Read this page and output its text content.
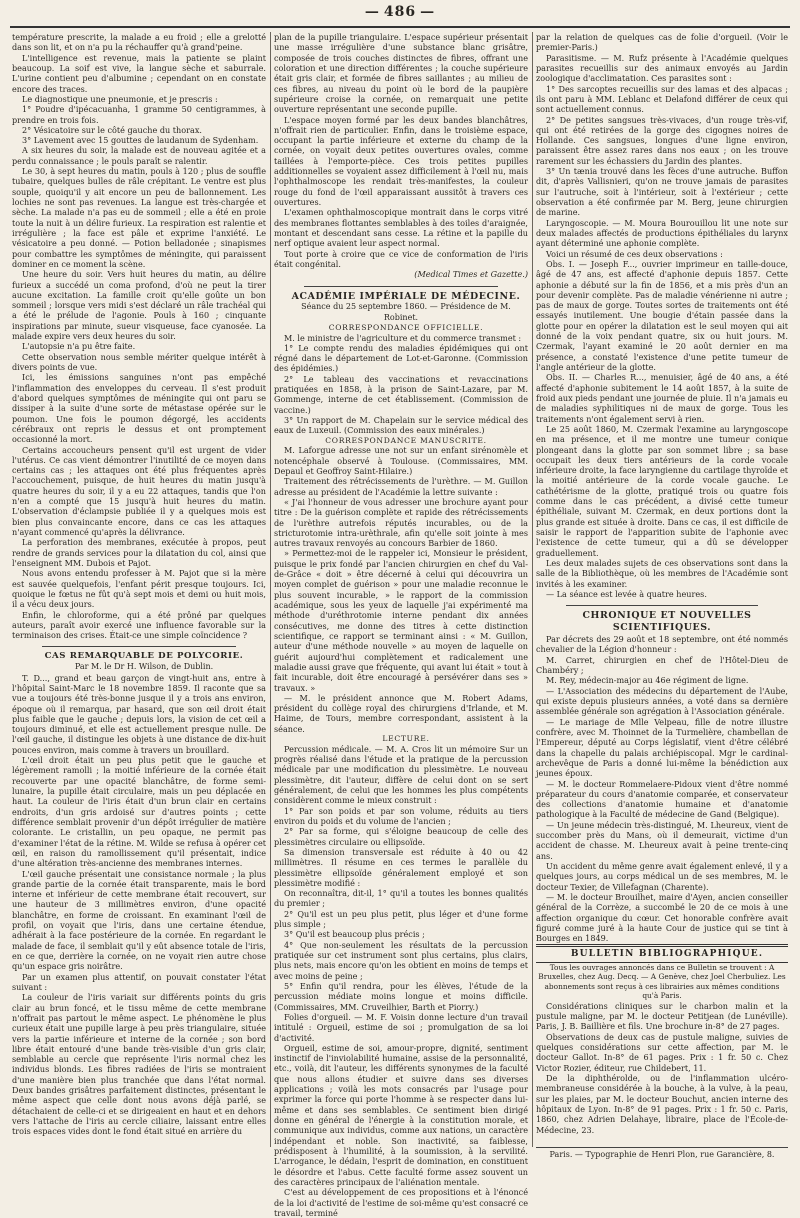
— 486 —

température prescrite, la malade a eu froid ; elle a grelotté dans son lit, et on n'a pu la réchauffer qu'à grand'peine.

L'intelligence est revenue, mais la patiente se plaint beaucoup. La soif est vive, la langue sèche et saburrale. L'urine contient peu d'albumine ; cependant on en constate encore des traces.

Le diagnostique une pneumonie, et je prescris :

1° Poudre d'ipécacuanha, 1 gramme 50 centigrammes, à prendre en trois fois.

2° Vésicatoire sur le côté gauche du thorax.

3° Lavement avec 15 gouttes de laudanum de Sydenham.

A six heures du soir, la malade est de nouveau agitée et a perdu connaissance ; le pouls paraît se ralentir.

Le 30, à sept heures du matin, pouls à 120 ; plus de souffle tubaire, quelques bulles de râle crépitant. Le ventre est plus souple, quoiqu'il y ait encore un peu de ballonnement. Les lochies ne sont pas revenues. La langue est très-chargée et sèche. La malade n'a pas eu de sommeil ; elle a été en proie toute la nuit à un délire furieux. La respiration est ralentie et irrégulière ; la face est pâle et exprime l'anxiété. Le vésicatoire a peu donné. — Potion belladonée ; sinapismes pour combattre les symptômes de méningite, qui paraissent dominer en ce moment la scène.

Une heure du soir. Vers huit heures du matin, au délire furieux a succédé un coma profond, d'où ne peut la tirer aucune excitation. La famille croit qu'elle goûte un bon sommeil ; lorsque vers midi s'est déclaré un râle trachéal qui a été le prélude de l'agonie. Pouls à 160 ; cinquante inspirations par minute, sueur visqueuse, face cyanosée. La malade expire vers deux heures du soir.

L'autopsie n'a pu être faite.

Cette observation nous semble mériter quelque intérêt à divers points de vue.

Ici, les émissions sanguines n'ont pas empêché l'inflammation des enveloppes du cerveau. Il s'est produit d'abord quelques symptômes de méningite qui ont paru se dissiper à la suite d'une sorte de métastase opérée sur le poumon. Une fois le poumon dégorgé, les accidents cérébraux ont repris le dessus et ont promptement occasionné la mort.

Certains accoucheurs pensent qu'il est urgent de vider l'utérus. Ce cas vient démontrer l'inutilité de ce moyen dans certains cas ; les attaques ont été plus fréquentes après l'accouchement, puisque, de huit heures du matin jusqu'à quatre heures du soir, il y a eu 22 attaques, tandis que l'on n'en a compté que 15 jusqu'à huit heures du matin. L'observation d'éclampsie publiée il y a quelques mois est bien plus convaincante encore, dans ce cas les attaques n'ayant commencé qu'après la délivrance.

La perforation des membranes, exécutée à propos, peut rendre de grands services pour la dilatation du col, ainsi que l'enseignent MM. Dubois et Pajot.

Nous avons entendu professer à M. Pajot que si la mère est sauvée quelquefois, l'enfant périt presque toujours. Ici, quoique le fœtus ne fût qu'à sept mois et demi ou huit mois, il a vécu deux jours.

Enfin, le chloroforme, qui a été prôné par quelques auteurs, paraît avoir exercé une influence favorable sur la terminaison des crises. Était-ce une simple coïncidence ?

CAS REMARQUABLE DE POLYCORIE.

Par M. le Dr H. Wilson, de Dublin.

T. D..., grand et beau garçon de vingt-huit ans, entre à l'hôpital Saint-Marc le 18 novembre 1859. Il raconte que sa vue a toujours été très-bonne jusque il y a trois ans environ, époque où il remarqua, par hasard, que son œil droit était plus faible que le gauche ; depuis lors, la vision de cet œil a toujours diminué, et elle est actuellement presque nulle. De l'œil gauche, il distingue les objets à une distance de dix-huit pouces environ, mais comme à travers un brouillard.

L'œil droit était un peu plus petit que le gauche et légèrement ramolli ; la moitié inférieure de la cornée était recouverte par une opacité blanchâtre, de forme semi-lunaire, la pupille était circulaire, mais un peu déplacée en haut. La couleur de l'iris était d'un brun clair en certains endroits, d'un gris ardoisé sur d'autres points ; cette différence semblait provenir d'un dépôt irrégulier de matière colorante. Le cristallin, un peu opaque, ne permit pas d'examiner l'état de la rétine. M. Wilde se refusa à opérer cet œil, en raison du ramollissement qu'il présentait, indice d'une altération très-ancienne des membranes internes.

L'œil gauche présentait une consistance normale ; la plus grande partie de la cornée était transparente, mais le bord interne et inférieur de cette membrane était recouvert, sur une hauteur de 3 millimètres environ, d'une opacité blanchâtre, en forme de croissant. En examinant l'œil de profil, on voyait que l'iris, dans une certaine étendue, adhérait à la face postérieure de la cornée. En regardant le malade de face, il semblait qu'il y eût absence totale de l'iris, en ce que, derrière la cornée, on ne voyait rien autre chose qu'un espace gris noirâtre.

Par un examen plus attentif, on pouvait constater l'état suivant :

La couleur de l'iris variait sur différents points du gris clair au brun foncé, et le tissu même de cette membrane n'offrait pas partout le même aspect. Le phénomène le plus curieux était une pupille large à peu près triangulaire, située vers la partie inférieure et interne de la cornée ; son bord libre était entouré d'une bande très-visible d'un gris clair, semblable au cercle que représente l'iris normal chez les individus blonds. Les fibres radiées de l'iris se montraient d'une manière bien plus tranchée que dans l'état normal. Deux bandes grisâtres parfaitement distinctes, présentant le même aspect que celle dont nous avons déjà parlé, se détachaient de celle-ci et se dirigeaient en haut et en dehors vers l'attache de l'iris au cercle ciliaire, laissant entre elles trois espaces vides dont le fond était situé en arrière du

plan de la pupille triangulaire. L'espace supérieur présentait une masse irrégulière d'une substance blanc grisâtre, composée de trois couches distinctes de fibres, offrant une coloration et une direction différentes ; la couche supérieure était gris clair, et formée de fibres saillantes ; au milieu de ces fibres, au niveau du point où le bord de la paupière supérieure croise la cornée, on remarquait une petite ouverture représentant une seconde pupille.

L'espace moyen formé par les deux bandes blanchâtres, n'offrait rien de particulier. Enfin, dans le troisième espace, occupant la partie inférieure et externe du champ de la cornée, on voyait deux petites ouvertures ovales, comme taillées à l'emporte-pièce. Ces trois petites pupilles additionnelles se voyaient assez difficilement à l'œil nu, mais l'ophthalmoscope les rendait très-manifestes, la couleur rouge du fond de l'œil apparaissant aussitôt à travers ces ouvertures.

L'examen ophthalmoscopique montrait dans le corps vitré des membranes flottantes semblables à des toiles d'araignée, montant et descendant sans cesse. La rétine et la papille du nerf optique avaient leur aspect normal.

Tout porte à croire que ce vice de conformation de l'iris était congénital.

(Medical Times et Gazette.)

ACADÉMIE IMPÉRIALE DE MÉDECINE.

Séance du 25 septembre 1860. — Présidence de M. Robinet.

CORRESPONDANCE OFFICIELLE.

M. le ministre de l'agriculture et du commerce transmet :

1° Le compte rendu des maladies épidémiques qui ont régné dans le département de Lot-et-Garonne. (Commission des épidémies.)

2° Le tableau des vaccinations et revaccinations pratiquées en 1858, à la prison de Saint-Lazare, par M. Gommenge, interne de cet établissement. (Commission de vaccine.)

3° Un rapport de M. Chapelain sur le service médical des eaux de Luxeuil. (Commission des eaux minérales.)

CORRESPONDANCE MANUSCRITE.

M. Laforgue adresse une not sur un enfant sirénomèle et notencéphale observé à Toulouse. (Commissaires, MM. Depaul et Geoffroy Saint-Hilaire.)

Traitement des rétrécissements de l'urèthre. — M. Guillon adresse au président de l'Académie la lettre suivante :

« J'ai l'honneur de vous adresser une brochure ayant pour titre : De la guérison complète et rapide des rétrécissements de l'urèthre autrefois réputés incurables, ou de la stricturotomie intra-urèthrale, afin qu'elle soit jointe à mes autres travaux renvoyés au concours Barbier de 1860.

» Permettez-moi de le rappeler ici, Monsieur le président, puisque le prix fondé par l'ancien chirurgien en chef du Val-de-Grâce « doit » être décerné à celui qui découvrira un moyen complet de guérison » pour une maladie reconnue le plus souvent incurable, » le rapport de la commission académique, sous les yeux de laquelle j'ai expérimenté ma méthode d'uréthrotomie interne pendant dix années consécutives, me donne des titres à cette distinction scientifique, ce rapport se terminant ainsi : « M. Guillon, auteur d'une méthode nouvelle » au moyen de laquelle on guérit aujourd'hui complètement et radicalement une maladie aussi grave que fréquente, qui avant lui était » tout à fait incurable, doit être encouragé à persévérer dans ses » travaux. »

— M. le président annonce que M. Robert Adams, président du collège royal des chirurgiens d'Irlande, et M. Haime, de Tours, membre correspondant, assistent à la séance.

LECTURE.

Percussion médicale. — M. A. Cros lit un mémoire Sur un progrès réalisé dans l'étude et la pratique de la percussion médicale par une modification du plessimètre. Le nouveau plessimètre, dit l'auteur, diffère de celui dont on se sert généralement, de celui que les hommes les plus compétents considèrent comme le mieux construit :

1° Par son poids et par son volume, réduits au tiers environ du poids et du volume de l'ancien ;

2° Par sa forme, qui s'éloigne beaucoup de celle des plessimètres circulaire ou ellipsoïde.

Sa dimension transversale est réduite à 40 ou 42 millimètres. Il résume en ces termes le parallèle du plessimètre ellipsoïde généralement employé et son plessimètre modifié :

On reconnaîtra, dit-il, 1° qu'il a toutes les bonnes qualités du premier ;

2° Qu'il est un peu plus petit, plus léger et d'une forme plus simple ;

3° Qu'il est beaucoup plus précis ;

4° Que non-seulement les résultats de la percussion pratiquée sur cet instrument sont plus certains, plus clairs, plus nets, mais encore qu'on les obtient en moins de temps et avec moins de peine ;

5° Enfin qu'il rendra, pour les élèves, l'étude de la percussion médiate moins longue et moins difficile. (Commissaires, MM. Cruveilhier, Barth et Piorry.)

Folies d'orgueil. — M. F. Voisin donne lecture d'un travail intitulé : Orgueil, estime de soi ; promulgation de sa loi d'activité.

Orgueil, estime de soi, amour-propre, dignité, sentiment instinctif de l'inviolabilité humaine, assise de la personnalité, etc., voilà, dit l'auteur, les différents synonymes de la faculté que nous allons étudier et suivre dans ses diverses applications ; voilà les mots consacrés par l'usage pour exprimer la force qui porte l'homme à se respecter dans lui-même et dans ses semblables. Ce sentiment bien dirigé donne en général de l'énergie à la constitution morale, et communique aux individus, comme aux nations, un caractère indépendant et noble. Son inactivité, sa faiblesse, prédisposent à l'humilité, à la soumission, à la servilité. L'arrogance, le dédain, l'esprit de domination, en constituent le désordre et l'abus. Cette faculté forme assez souvent un des caractères principaux de l'aliénation mentale.

C'est au développement de ces propositions et à l'énoncé de la loi d'activité de l'estime de soi-même qu'est consacré ce travail, terminé

par la relation de quelques cas de folie d'orgueil. (Voir le premier-Paris.)

Parasitisme. — M. Rufz présente à l'Académie quelques parasites recueillis sur des animaux envoyés au Jardin zoologique d'acclimatation. Ces parasites sont :

1° Des sarcoptes recueillis sur des lamas et des alpacas ; ils ont paru à MM. Leblanc et Delafond différer de ceux qui sont actuellement connus.

2° De petites sangsues très-vivaces, d'un rouge très-vif, qui ont été retirées de la gorge des cigognes noires de Hollande. Ces sangsues, longues d'une ligne environ, paraissent être assez rares dans nos eaux ; on les trouve rarement sur les échassiers du Jardin des plantes.

3° Un tænia trouvé dans les fèces d'une autruche. Buffon dit, d'après Vallisnieri, qu'on ne trouve jamais de parasites sur l'autruche, soit à l'intérieur, soit à l'extérieur ; cette observation a été confirmée par M. Berg, jeune chirurgien de marine.

Laryngoscopie. — M. Moura Bourouillou lit une note sur deux malades affectés de productions épithéliales du larynx ayant déterminé une aphonie complète.

Voici un résumé de ces deux observations :

Obs. I. — Joseph F..., ouvrier imprimeur en taille-douce, âgé de 47 ans, est affecté d'aphonie depuis 1857. Cette aphonie a débuté sur la fin de 1856, et a mis près d'un an pour devenir complète. Pas de maladie vénérienne ni autre ; pas de maux de gorge. Toutes sortes de traitements ont été essayés inutilement. Une bougie d'étain passée dans la glotte pour en opérer la dilatation est le seul moyen qui ait donné de la voix pendant quatre, six ou huit jours. M. Czermak, l'ayant examiné le 20 août dernier en ma présence, a constaté l'existence d'une petite tumeur de l'angle antérieur de la glotte.

Obs. II. — Charles R..., menuisier, âgé de 40 ans, a été affecté d'aphonie subitement le 14 août 1857, à la suite de froid aux pieds pendant une journée de pluie. Il n'a jamais eu de maladies syphilitiques ni de maux de gorge. Tous les traitements n'ont également servi à rien.

Le 25 août 1860, M. Czermak l'examine au laryngoscope en ma présence, et il me montre une tumeur conique plongeant dans la glotte par son sommet libre ; sa base occupait les deux tiers antérieurs de la corde vocale inférieure droite, la face laryngienne du cartilage thyroïde et la moitié antérieure de la corde vocale gauche. Le cathétérisme de la glotte, pratiqué trois ou quatre fois comme dans le cas précédent, a divisé cette tumeur épithéliale, suivant M. Czermak, en deux portions dont la plus grande est située à droite. Dans ce cas, il est difficile de saisir le rapport de l'apparition subite de l'aphonie avec l'existence de cette tumeur, qui a dû se développer graduellement.

Les deux malades sujets de ces observations sont dans la salle de la Bibliothèque, où les membres de l'Académie sont invités à les examiner.

— La séance est levée à quatre heures.

CHRONIQUE ET NOUVELLES SCIENTIFIQUES.

Par décrets des 29 août et 18 septembre, ont été nommés chevalier de la Légion d'honneur :

M. Carret, chirurgien en chef de l'Hôtel-Dieu de Chambéry ;

M. Rey, médecin-major au 46e régiment de ligne.

— L'Association des médecins du département de l'Aube, qui existe depuis plusieurs années, a voté dans sa dernière assemblée générale son agrégation à l'Association générale.

— Le mariage de Mlle Velpeau, fille de notre illustre confrère, avec M. Thoinnet de la Turmelière, chambellan de l'Empereur, député au Corps législatif, vient d'être célébré dans la chapelle du palais archiépiscopal. Mgr le cardinal-archevêque de Paris a donné lui-même la bénédiction aux jeunes époux.

— M. le docteur Rommelaere-Pidoux vient d'être nommé préparateur du cours d'anatomie comparée, et conservateur des collections d'anatomie humaine et d'anatomie pathologique à la Faculté de médecine de Gand (Belgique).

— Un jeune médecin très-distingué, M. Lheureux, vient de succomber près du Mans, où il demeurait, victime d'un accident de chasse. M. Lheureux avait à peine trente-cinq ans.

Un accident du même genre avait également enlevé, il y a quelques jours, au corps médical un de ses membres, M. le docteur Texier, de Villefagnan (Charente).

— M. le docteur Brouilhet, maire d'Ayen, ancien conseiller général de la Corrèze, a succombé le 20 de ce mois à une affection organique du cœur. Cet honorable confrère avait figuré comme juré à la haute Cour de justice qui se tint à Bourges en 1849.

BULLETIN BIBLIOGRAPHIQUE.

Tous les ouvrages annoncés dans ce Bulletin se trouvent : A Bruxelles, chez Aug. Decq. — A Genève, chez Joel Cherbuliez. Les abonnements sont reçus à ces librairies aux mêmes conditions qu'à Paris.

Considérations cliniques sur le charbon malin et la pustule maligne, par M. le docteur Petitjean (de Lunéville). Paris, J. B. Baillière et fils. Une brochure in-8° de 27 pages.

Observations de deux cas de pustule maligne, suivies de quelques considérations sur cette affection, par M. le docteur Gallot. In-8° de 61 pages. Prix : 1 fr. 50 c. Chez Victor Rozier, éditeur, rue Childebert, 11.

De la diphthérolde, ou de l'inflammation ulcéro-membraneuse considérée à la bouche, à la vulve, à la peau, sur les plaies, par M. le docteur Bouchut, ancien interne des hôpitaux de Lyon. In-8° de 91 pages. Prix : 1 fr. 50 c. Paris, 1860, chez Adrien Delahaye, libraire, place de l'École-de-Médecine, 23.

Paris. — Typographie de Henri Plon, rue Garancière, 8.
